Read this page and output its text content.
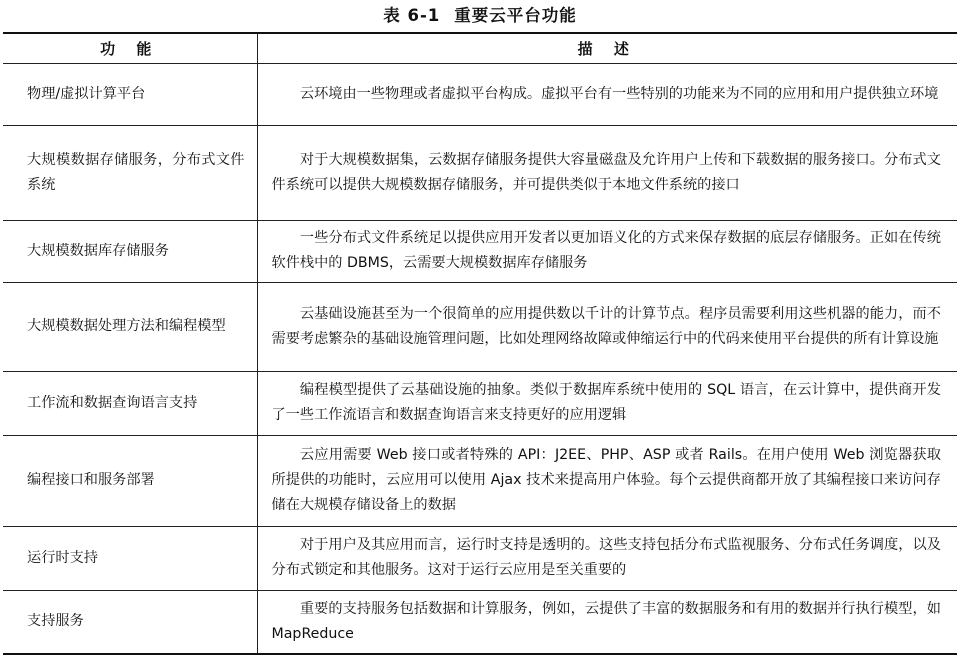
表 6-1 重要云平台功能
功 能	描 述
物理/虚拟计算平台	云环境由一些物理或者虚拟平台构成。虚拟平台有一些特别的功能来为不同的应用和用户提供独立环境
大规模数据存储服务，分布式文件系统	对于大规模数据集，云数据存储服务提供大容量磁盘及允许用户上传和下载数据的服务接口。分布式文件系统可以提供大规模数据存储服务，并可提供类似于本地文件系统的接口
大规模数据库存储服务	一些分布式文件系统足以提供应用开发者以更加语义化的方式来保存数据的底层存储服务。正如在传统软件栈中的 DBMS，云需要大规模数据库存储服务
大规模数据处理方法和编程模型	云基础设施甚至为一个很简单的应用提供数以千计的计算节点。程序员需要利用这些机器的能力，而不需要考虑繁杂的基础设施管理问题，比如处理网络故障或伸缩运行中的代码来使用平台提供的所有计算设施
工作流和数据查询语言支持	编程模型提供了云基础设施的抽象。类似于数据库系统中使用的 SQL 语言，在云计算中，提供商开发了一些工作流语言和数据查询语言来支持更好的应用逻辑
编程接口和服务部署	云应用需要 Web 接口或者特殊的 API：J2EE、PHP、ASP 或者 Rails。在用户使用 Web 浏览器获取所提供的功能时，云应用可以使用 Ajax 技术来提高用户体验。每个云提供商都开放了其编程接口来访问存储在大规模存储设备上的数据
运行时支持	对于用户及其应用而言，运行时支持是透明的。这些支持包括分布式监视服务、分布式任务调度，以及分布式锁定和其他服务。这对于运行云应用是至关重要的
支持服务	重要的支持服务包括数据和计算服务，例如，云提供了丰富的数据服务和有用的数据并行执行模型，如 MapReduce
